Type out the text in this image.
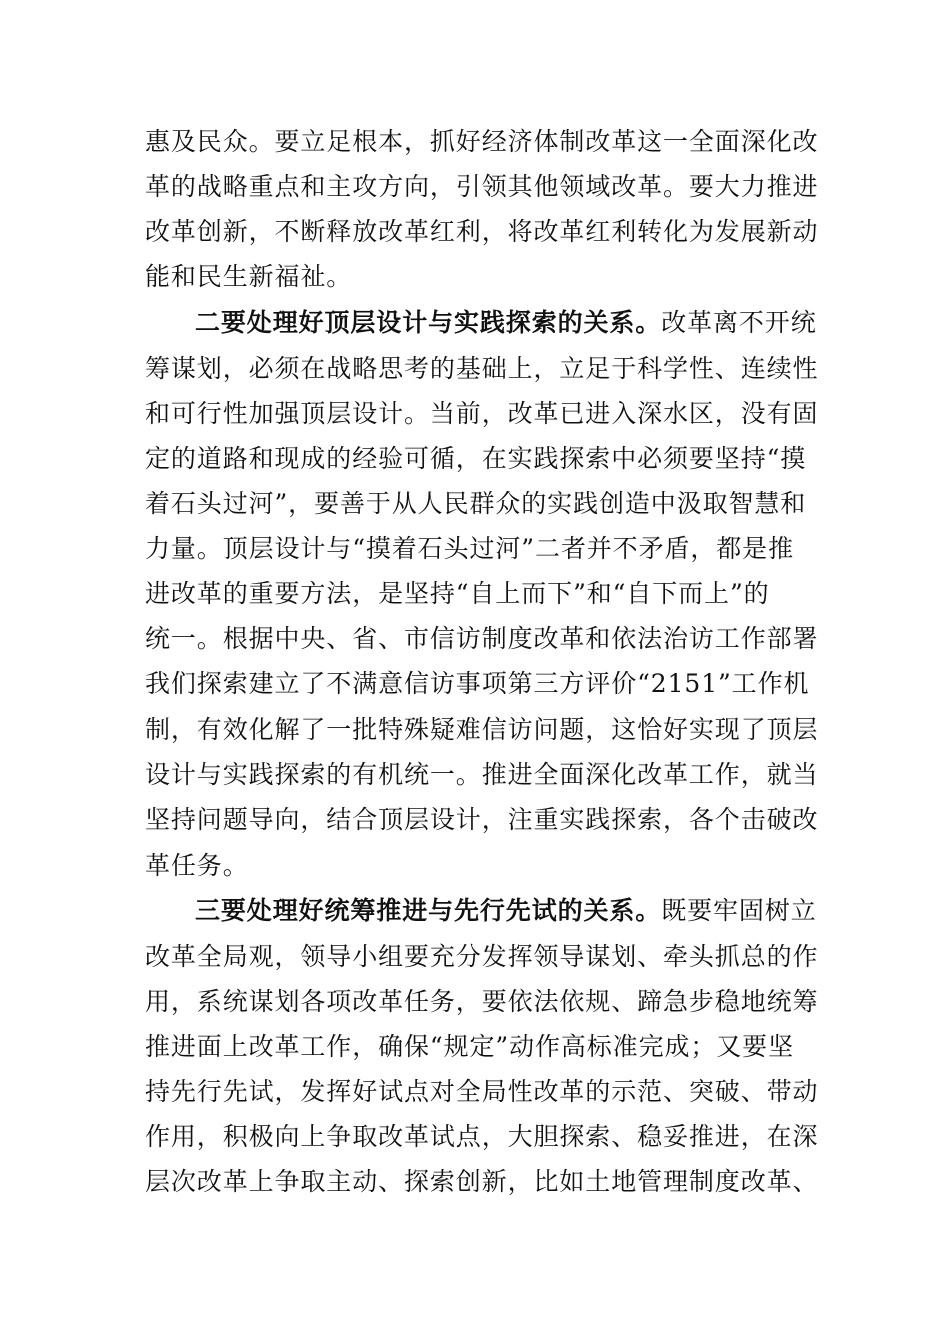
惠及民众。要立足根本，抓好经济体制改革这一全面深化改
革的战略重点和主攻方向，引领其他领域改革。要大力推进
改革创新，不断释放改革红利，将改革红利转化为发展新动
能和民生新福祉。
二要处理好顶层设计与实践探索的关系。改革离不开统
筹谋划，必须在战略思考的基础上，立足于科学性、连续性
和可行性加强顶层设计。当前，改革已进入深水区，没有固
定的道路和现成的经验可循，在实践探索中必须要坚持“摸
着石头过河”，要善于从人民群众的实践创造中汲取智慧和
力量。顶层设计与“摸着石头过河”二者并不矛盾，都是推
进改革的重要方法，是坚持“自上而下”和“自下而上”的
统一。根据中央、省、市信访制度改革和依法治访工作部署
我们探索建立了不满意信访事项第三方评价“2151”工作机
制，有效化解了一批特殊疑难信访问题，这恰好实现了顶层
设计与实践探索的有机统一。推进全面深化改革工作，就当
坚持问题导向，结合顶层设计，注重实践探索，各个击破改
革任务。
三要处理好统筹推进与先行先试的关系。既要牢固树立
改革全局观，领导小组要充分发挥领导谋划、牵头抓总的作
用，系统谋划各项改革任务，要依法依规、蹄急步稳地统筹
推进面上改革工作，确保“规定”动作高标准完成；又要坚
持先行先试，发挥好试点对全局性改革的示范、突破、带动
作用，积极向上争取改革试点，大胆探索、稳妥推进，在深
层次改革上争取主动、探索创新，比如土地管理制度改革、
